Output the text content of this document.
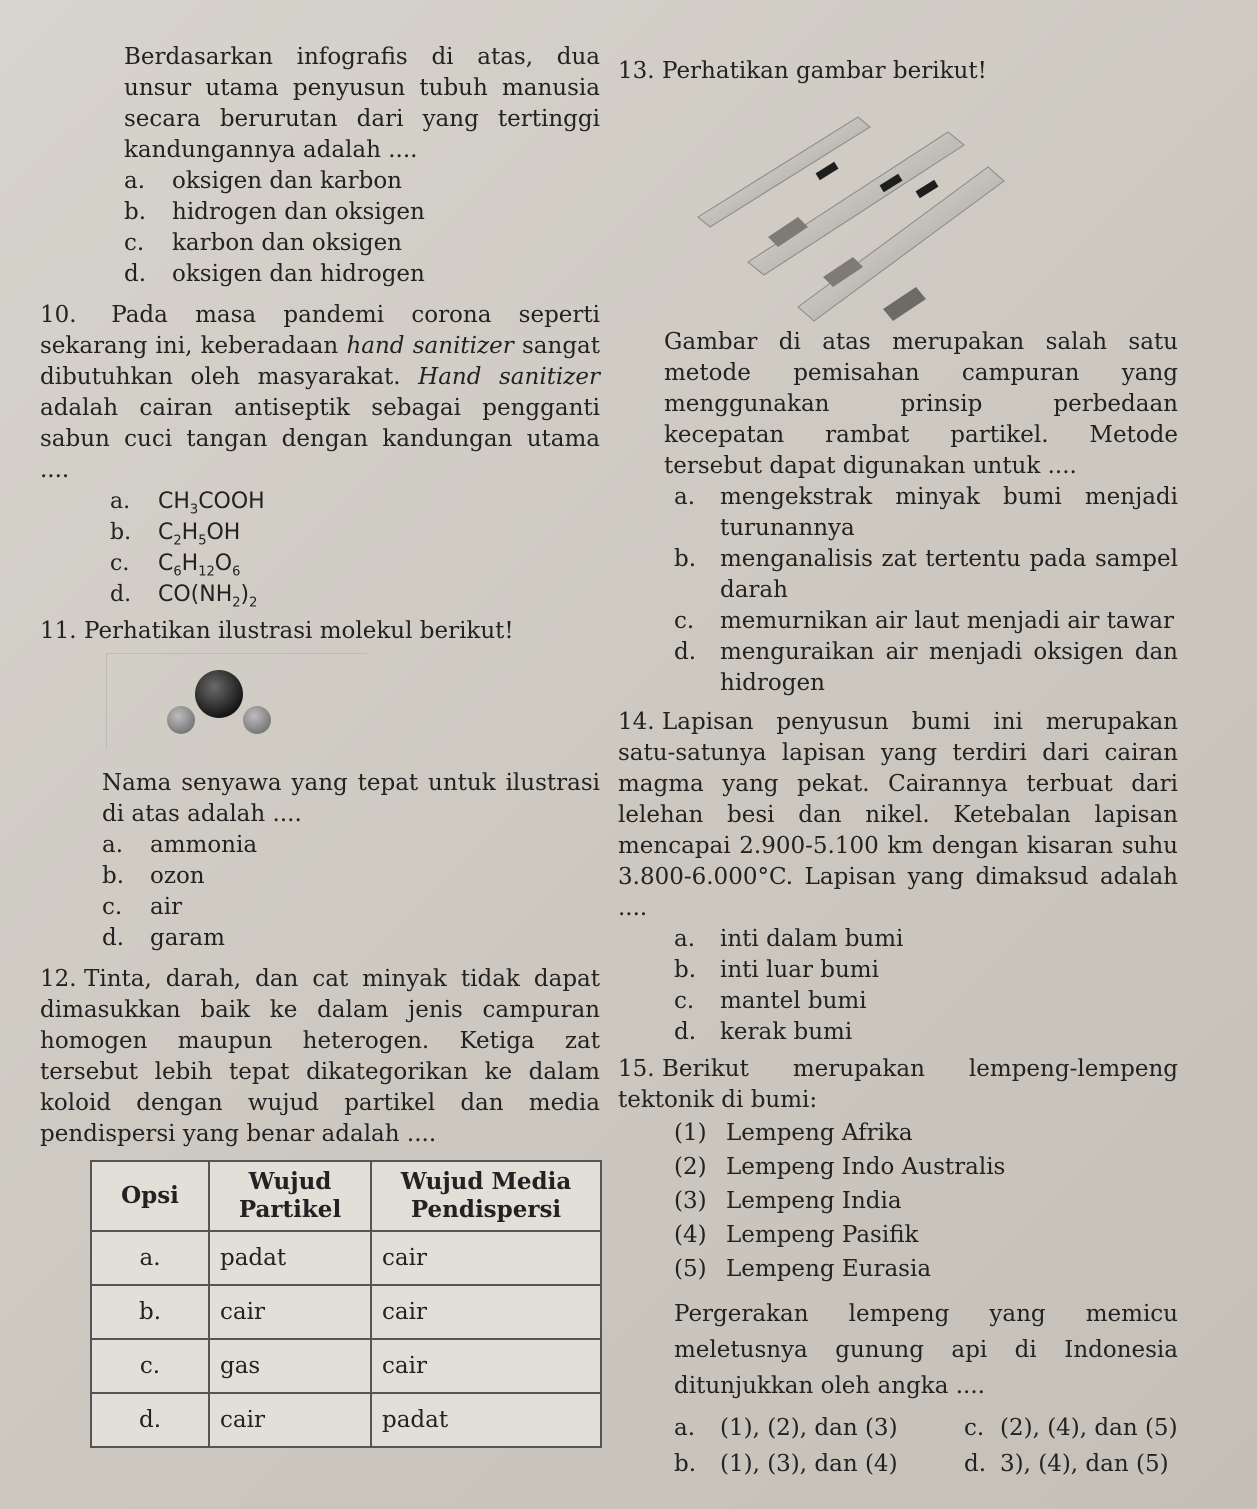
Berdasarkan infografis di atas, dua unsur utama penyusun tubuh manusia secara berurutan dari yang tertinggi kandungannya adalah ....

a.	oksigen dan karbon
b.	hidrogen dan oksigen
c.	karbon dan oksigen
d.	oksigen dan hidrogen

10. Pada masa pandemi corona seperti sekarang ini, keberadaan hand sanitizer sangat dibutuhkan oleh masyarakat. Hand sanitizer adalah cairan antiseptik sebagai pengganti sabun cuci tangan dengan kandungan utama ....

a.	$CH_3COOH$
b.	$C_2H_5OH$
c.	$C_6H_{12}O_6$
d.	$CO(NH_2)_2$

11. Perhatikan ilustrasi molekul berikut!

Nama senyawa yang tepat untuk ilustrasi di atas adalah ....

a.	ammonia
b.	ozon
c.	air
d.	garam

12. Tinta, darah, dan cat minyak tidak dapat dimasukkan baik ke dalam jenis campuran homogen maupun heterogen. Ketiga zat tersebut lebih tepat dikategorikan ke dalam koloid dengan wujud partikel dan media pendispersi yang benar adalah ....

Opsi	Wujud Partikel	Wujud Media Pendispersi
a.	padat	cair
b.	cair	cair
c.	gas	cair
d.	cair	padat

13. Perhatikan gambar berikut!

Gambar di atas merupakan salah satu metode pemisahan campuran yang menggunakan prinsip perbedaan kecepatan rambat partikel. Metode tersebut dapat digunakan untuk ....

a.	mengekstrak minyak bumi menjadi turunannya
b.	menganalisis zat tertentu pada sampel darah
c.	memurnikan air laut menjadi air tawar
d.	menguraikan air menjadi oksigen dan hidrogen

14. Lapisan penyusun bumi ini merupakan satu-satunya lapisan yang terdiri dari cairan magma yang pekat. Cairannya terbuat dari lelehan besi dan nikel. Ketebalan lapisan mencapai 2.900-5.100 km dengan kisaran suhu 3.800-6.000°C. Lapisan yang dimaksud adalah ....

a.	inti dalam bumi
b.	inti luar bumi
c.	mantel bumi
d.	kerak bumi

15. Berikut merupakan lempeng-lempeng tektonik di bumi:

(1) Lempeng Afrika
(2) Lempeng Indo Australis
(3) Lempeng India
(4) Lempeng Pasifik
(5) Lempeng Eurasia

Pergerakan lempeng yang memicu meletusnya gunung api di Indonesia ditunjukkan oleh angka ....

a.	(1), (2), dan (3)	c. (2), (4), dan (5)
b.	(1), (3), dan (4)	d. 3), (4), dan (5)
